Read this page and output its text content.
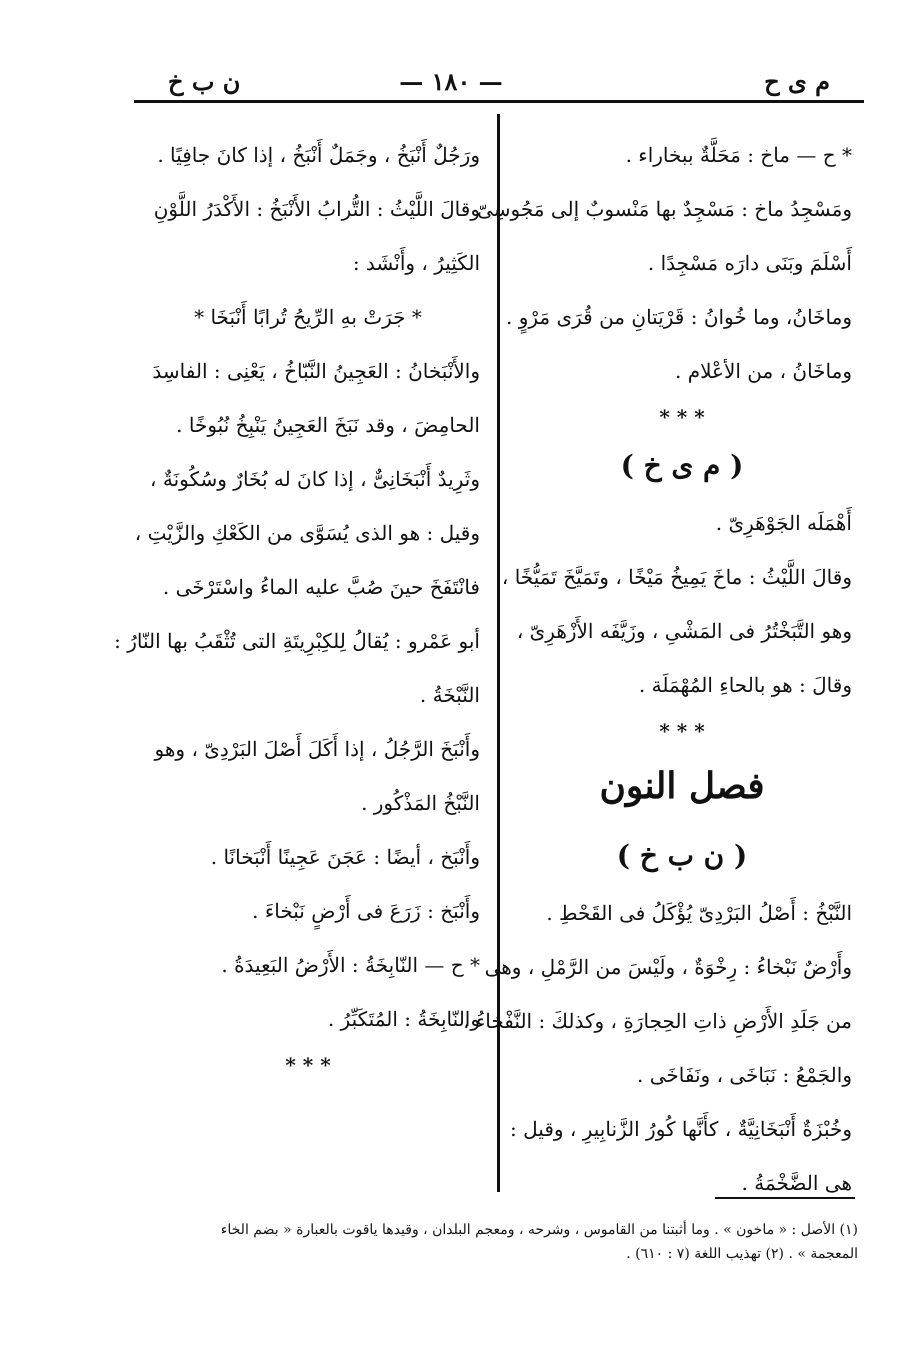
ن ب خ	— ١٨٠ —	م ى ح
* ح — ماخ : مَحَلَّةٌ ببخاراء .
ومَسْجِدُ ماخ : مَسْجِدٌ بها مَنْسوبٌ إلى مَجُوسِىّ
أَسْلَمَ وبَنَى دارَه مَسْجِدًا .
وماخَانُ، وما خُوانُ : قَرْيَتانِ من قُرَى مَرْوٍ .
وماخَانُ ، من الأعْلام .
* * *
( م ى خ )
أَهْمَلَه الجَوْهَرِىّ .
وقالَ اللَّيْثُ : ماخَ يَمِيخُ مَيْخًا ، وتَمَيَّخَ تَمَيُّخًا ،
وهو التَّبَخْتُرُ فى المَشْىِ ، وزَيَّفَه الأَزْهَرِىّ ،
وقالَ : هو بالحاءِ المُهْمَلَة .
* * *
فصل النون
( ن ب خ )
النَّبْخُ : أَصْلُ البَرْدِىّ يُؤْكَلُ فى القَحْطِ .
وأَرْضٌ نَبْخاءُ : رِخْوَةٌ ، ولَيْسَ من الرَّمْلِ ، وهى
من جَلَدِ الأَرْضِ ذاتِ الحِجارَةِ ، وكذلكَ : النَّفْخاءُ ،
والجَمْعُ : نَبَاخَى ، ونَفَاخَى .
وخُبْزَةٌ أَنْبَخَانِيَّةٌ ، كأَنَّها كُورُ الزَّنابِيرِ ، وقيل :
هى الضَّخْمَةُ .
ورَجُلٌ أَنْبَخُ ، وجَمَلٌ أَنْبَخُ ، إذا كانَ جافِيًا .
وقالَ اللَّيْثُ : التُّرابُ الأَنْبَخُ : الأَكْدَرُ اللَّوْنِ
الكَثِيرُ ، وأَنْشَد :
* جَرَتْ بهِ الرِّيحُ تُرابًا أَنْبَخَا *
والأَنْبَخانُ : العَجِينُ النَّبّاخُ ، يَعْنِى : الفاسِدَ
الحامِضَ ، وقد نَبَخَ العَجِينُ يَنْبِخُ نُبُوخًا .
وثَرِيدٌ أَنْبَخَانِىٌّ ، إذا كانَ له بُخَارٌ وسُكُونَةٌ ،
وقيل : هو الذى يُسَوَّى من الكَعْكِ والزَّيْتِ ،
فانْتَفَخَ حينَ صُبَّ عليه الماءُ واسْتَرْخَى .
أبو عَمْرو : يُقالُ لِلكِبْرِيتَةِ التى تُثْقَبُ بها النّارُ :
النَّبْخَةُ .
وأَنْبَخَ الرَّجُلُ ، إذا أَكَلَ أَصْلَ البَرْدِىّ ، وهو
النَّبْخُ المَذْكُور .
وأَنْبَخ ، أيضًا : عَجَنَ عَجِينًا أَنْبَخانًا .
وأَنْبَخ : زَرَعَ فى أَرْضٍ نَبْخاءَ .
* ح — النّابِخَةُ : الأَرْضُ البَعِيدَةُ .
والنّابِخَةُ : المُتَكَبِّرُ .
* * *
(١) الأصل : « ماخون » . وما أثبتنا من القاموس ، وشرحه ، ومعجم البلدان ، وقيدها ياقوت بالعبارة « بضم الخاء
المعجمة » . (٢) تهذيب اللغة (٧ : ٦١٠) .
